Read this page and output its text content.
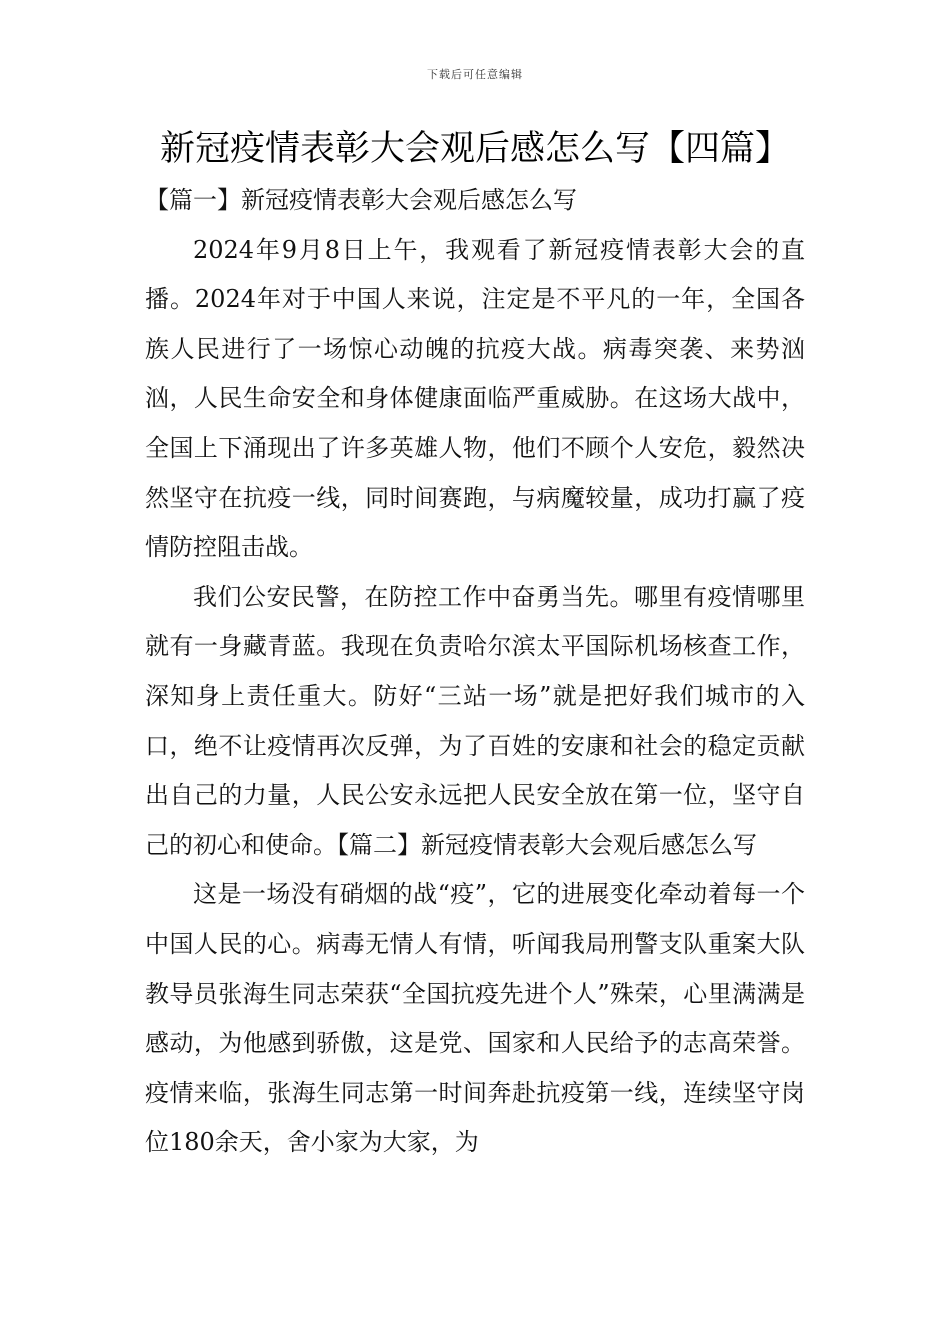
下载后可任意编辑
新冠疫情表彰大会观后感怎么写【四篇】

【篇一】新冠疫情表彰大会观后感怎么写

2024年9月8日上午，我观看了新冠疫情表彰大会的直播。2024年对于中国人来说，注定是不平凡的一年，全国各族人民进行了一场惊心动魄的抗疫大战。病毒突袭、来势汹汹，人民生命安全和身体健康面临严重威胁。在这场大战中，全国上下涌现出了许多英雄人物，他们不顾个人安危，毅然决然坚守在抗疫一线，同时间赛跑，与病魔较量，成功打赢了疫情防控阻击战。

我们公安民警，在防控工作中奋勇当先。哪里有疫情哪里就有一身藏青蓝。我现在负责哈尔滨太平国际机场核查工作，深知身上责任重大。防好“三站一场”就是把好我们城市的入口，绝不让疫情再次反弹，为了百姓的安康和社会的稳定贡献出自己的力量，人民公安永远把人民安全放在第一位，坚守自己的初心和使命。【篇二】新冠疫情表彰大会观后感怎么写

这是一场没有硝烟的战“疫”，它的进展变化牵动着每一个中国人民的心。病毒无情人有情，听闻我局刑警支队重案大队教导员张海生同志荣获“全国抗疫先进个人”殊荣，心里满满是感动，为他感到骄傲，这是党、国家和人民给予的志高荣誉。疫情来临，张海生同志第一时间奔赴抗疫第一线，连续坚守岗位180余天，舍小家为大家，为
